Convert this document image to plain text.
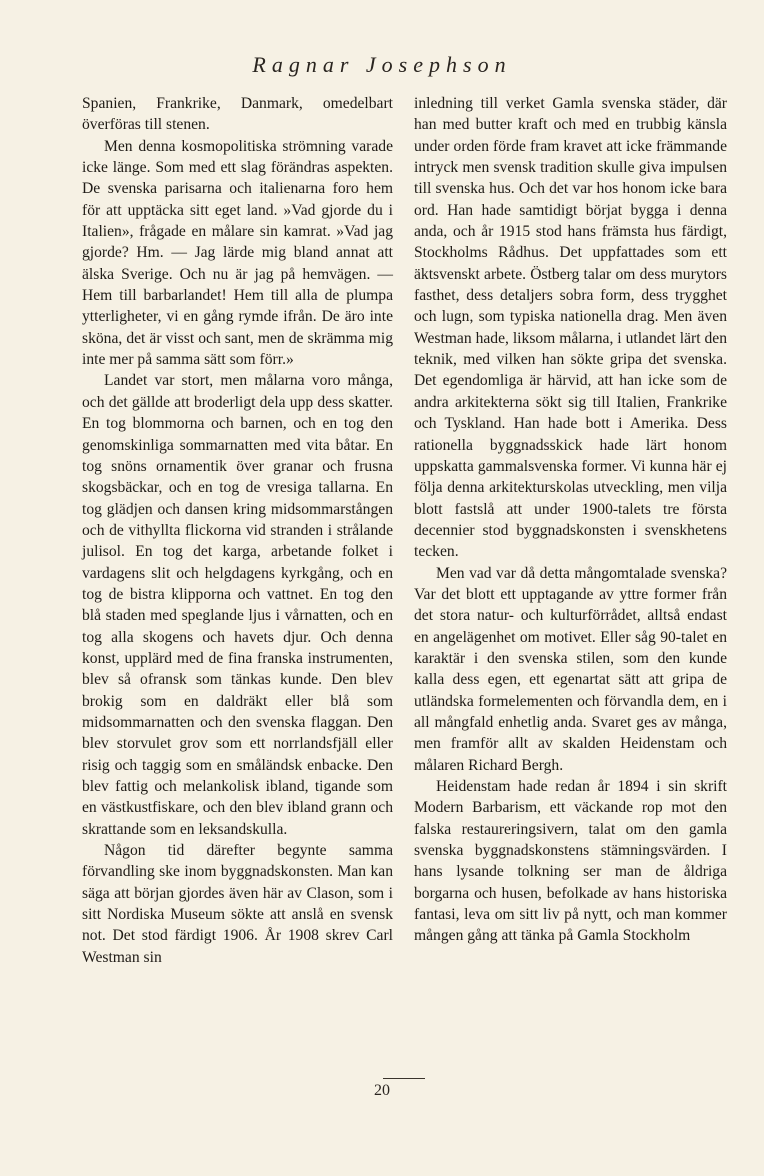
Ragnar Josephson

Spanien, Frankrike, Danmark, omedelbart överföras till stenen.

Men denna kosmopolitiska strömning varade icke länge. Som med ett slag förändras aspekten. De svenska parisarna och italienarna foro hem för att upptäcka sitt eget land. »Vad gjorde du i Italien», frågade en målare sin kamrat. »Vad jag gjorde? Hm. — Jag lärde mig bland annat att älska Sverige. Och nu är jag på hemvägen. — Hem till barbarlandet! Hem till alla de plumpa ytterligheter, vi en gång rymde ifrån. De äro inte sköna, det är visst och sant, men de skrämma mig inte mer på samma sätt som förr.»

Landet var stort, men målarna voro många, och det gällde att broderligt dela upp dess skatter. En tog blommorna och barnen, och en tog den genomskinliga sommarnatten med vita båtar. En tog snöns ornamentik över granar och frusna skogsbäckar, och en tog de vresiga tallarna. En tog glädjen och dansen kring midsommarstången och de vithyllta flickorna vid stranden i strålande julisol. En tog det karga, arbetande folket i vardagens slit och helgdagens kyrkgång, och en tog de bistra klipporna och vattnet. En tog den blå staden med speglande ljus i vårnatten, och en tog alla skogens och havets djur. Och denna konst, upplärd med de fina franska instrumenten, blev så ofransk som tänkas kunde. Den blev brokig som en daldräkt eller blå som midsommarnatten och den svenska flaggan. Den blev storvulet grov som ett norrlandsfjäll eller risig och taggig som en småländsk enbacke. Den blev fattig och melankolisk ibland, tigande som en västkustfiskare, och den blev ibland grann och skrattande som en leksandskulla.

Någon tid därefter begynte samma förvandling ske inom byggnadskonsten. Man kan säga att början gjordes även här av Clason, som i sitt Nordiska Museum sökte att anslå en svensk not. Det stod färdigt 1906. År 1908 skrev Carl Westman sin

inledning till verket Gamla svenska städer, där han med butter kraft och med en trubbig känsla under orden förde fram kravet att icke främmande intryck men svensk tradition skulle giva impulsen till svenska hus. Och det var hos honom icke bara ord. Han hade samtidigt börjat bygga i denna anda, och år 1915 stod hans främsta hus färdigt, Stockholms Rådhus. Det uppfattades som ett äktsvenskt arbete. Östberg talar om dess murytors fasthet, dess detaljers sobra form, dess trygghet och lugn, som typiska nationella drag. Men även Westman hade, liksom målarna, i utlandet lärt den teknik, med vilken han sökte gripa det svenska. Det egendomliga är härvid, att han icke som de andra arkitekterna sökt sig till Italien, Frankrike och Tyskland. Han hade bott i Amerika. Dess rationella byggnadsskick hade lärt honom uppskatta gammalsvenska former. Vi kunna här ej följa denna arkitekturskolas utveckling, men vilja blott fastslå att under 1900-talets tre första decennier stod byggnadskonsten i svenskhetens tecken.

Men vad var då detta mångomtalade svenska? Var det blott ett upptagande av yttre former från det stora natur- och kulturförrådet, alltså endast en angelägenhet om motivet. Eller såg 90-talet en karaktär i den svenska stilen, som den kunde kalla dess egen, ett egenartat sätt att gripa de utländska formelementen och förvandla dem, en i all mångfald enhetlig anda. Svaret ges av många, men framför allt av skalden Heidenstam och målaren Richard Bergh.

Heidenstam hade redan år 1894 i sin skrift Modern Barbarism, ett väckande rop mot den falska restaureringsivern, talat om den gamla svenska byggnadskonstens stämningsvärden. I hans lysande tolkning ser man de åldriga borgarna och husen, befolkade av hans historiska fantasi, leva om sitt liv på nytt, och man kommer mången gång att tänka på Gamla Stockholm

20
